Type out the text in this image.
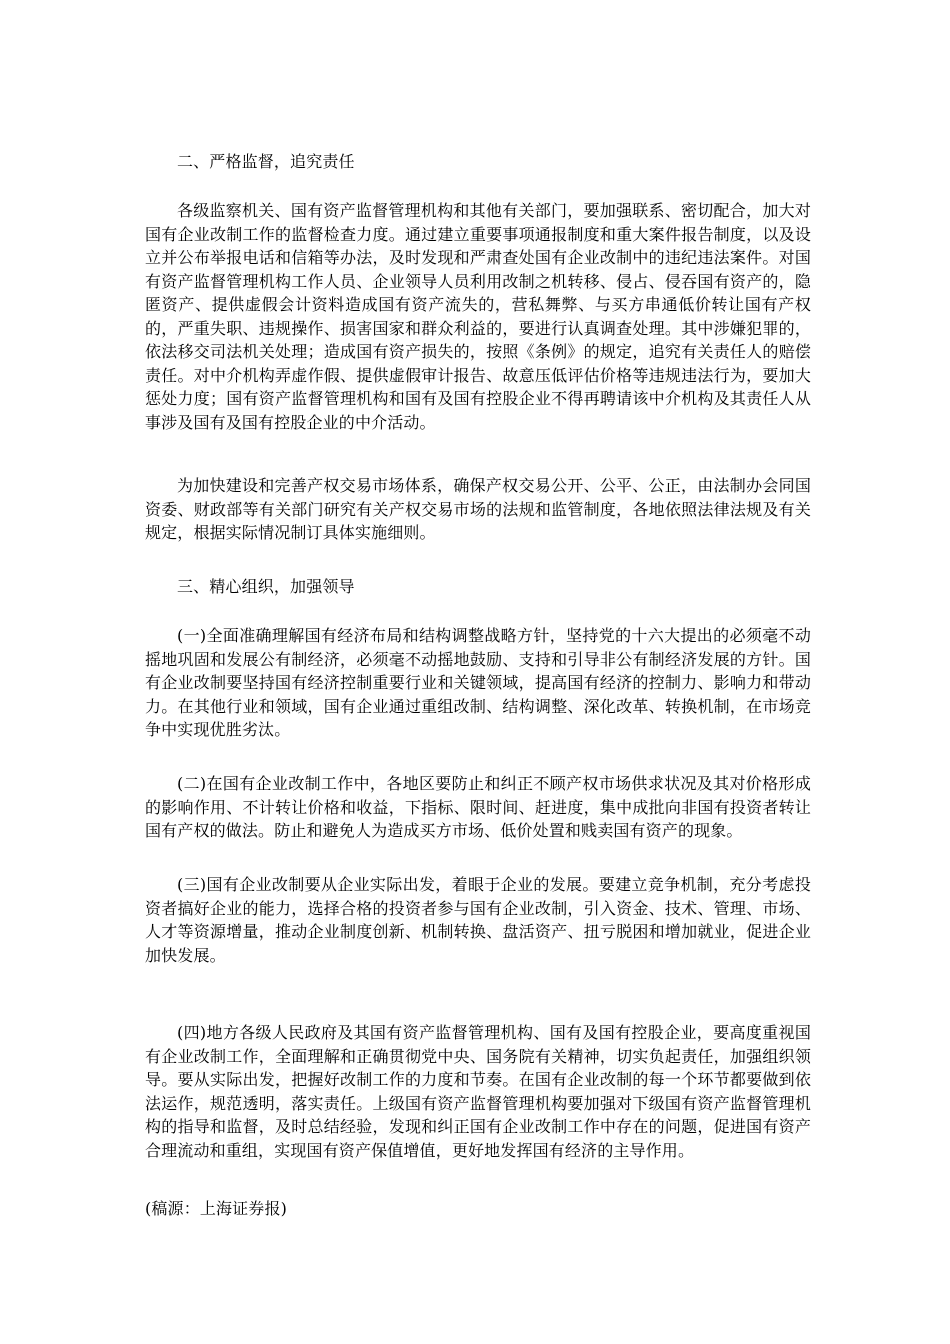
二、严格监督，追究责任

各级监察机关、国有资产监督管理机构和其他有关部门，要加强联系、密切配合，加大对国有企业改制工作的监督检查力度。通过建立重要事项通报制度和重大案件报告制度，以及设立并公布举报电话和信箱等办法，及时发现和严肃查处国有企业改制中的违纪违法案件。对国有资产监督管理机构工作人员、企业领导人员利用改制之机转移、侵占、侵吞国有资产的，隐匿资产、提供虚假会计资料造成国有资产流失的，营私舞弊、与买方串通低价转让国有产权的，严重失职、违规操作、损害国家和群众利益的，要进行认真调查处理。其中涉嫌犯罪的，依法移交司法机关处理；造成国有资产损失的，按照《条例》的规定，追究有关责任人的赔偿责任。对中介机构弄虚作假、提供虚假审计报告、故意压低评估价格等违规违法行为，要加大惩处力度；国有资产监督管理机构和国有及国有控股企业不得再聘请该中介机构及其责任人从事涉及国有及国有控股企业的中介活动。

为加快建设和完善产权交易市场体系，确保产权交易公开、公平、公正，由法制办会同国资委、财政部等有关部门研究有关产权交易市场的法规和监管制度，各地依照法律法规及有关规定，根据实际情况制订具体实施细则。

三、精心组织，加强领导

(一)全面准确理解国有经济布局和结构调整战略方针，坚持党的十六大提出的必须毫不动摇地巩固和发展公有制经济，必须毫不动摇地鼓励、支持和引导非公有制经济发展的方针。国有企业改制要坚持国有经济控制重要行业和关键领域，提高国有经济的控制力、影响力和带动力。在其他行业和领域，国有企业通过重组改制、结构调整、深化改革、转换机制，在市场竞争中实现优胜劣汰。

(二)在国有企业改制工作中，各地区要防止和纠正不顾产权市场供求状况及其对价格形成的影响作用、不计转让价格和收益，下指标、限时间、赶进度，集中成批向非国有投资者转让国有产权的做法。防止和避免人为造成买方市场、低价处置和贱卖国有资产的现象。

(三)国有企业改制要从企业实际出发，着眼于企业的发展。要建立竞争机制，充分考虑投资者搞好企业的能力，选择合格的投资者参与国有企业改制，引入资金、技术、管理、市场、人才等资源增量，推动企业制度创新、机制转换、盘活资产、扭亏脱困和增加就业，促进企业加快发展。

(四)地方各级人民政府及其国有资产监督管理机构、国有及国有控股企业，要高度重视国有企业改制工作，全面理解和正确贯彻党中央、国务院有关精神，切实负起责任，加强组织领导。要从实际出发，把握好改制工作的力度和节奏。在国有企业改制的每一个环节都要做到依法运作，规范透明，落实责任。上级国有资产监督管理机构要加强对下级国有资产监督管理机构的指导和监督，及时总结经验，发现和纠正国有企业改制工作中存在的问题，促进国有资产合理流动和重组，实现国有资产保值增值，更好地发挥国有经济的主导作用。

(稿源：上海证券报)
